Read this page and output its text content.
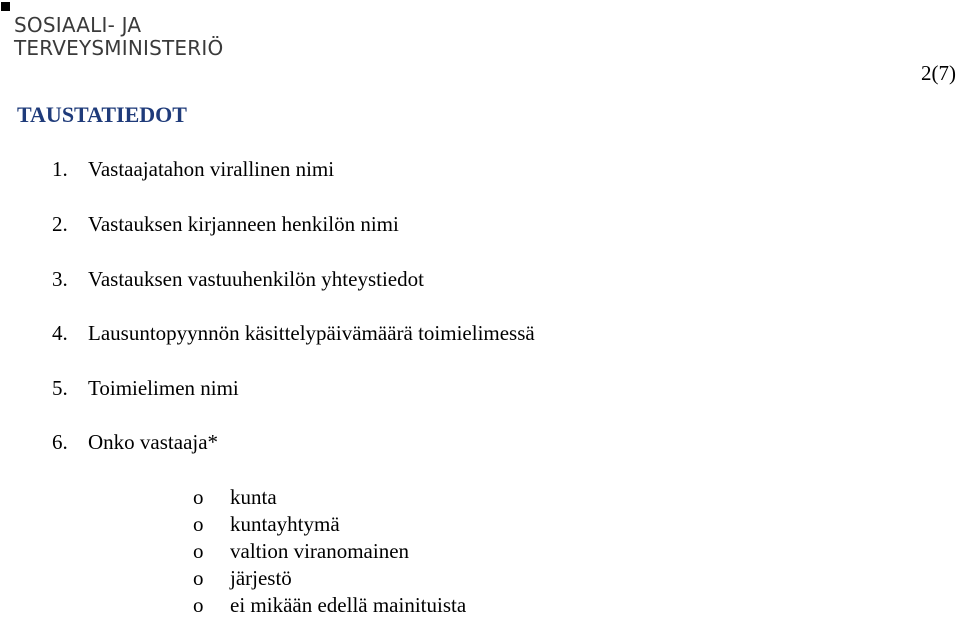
SOSIAALI- JA
TERVEYSMINISTERIÖ
2(7)
TAUSTATIEDOT
1. Vastaajatahon virallinen nimi
2. Vastauksen kirjanneen henkilön nimi
3. Vastauksen vastuuhenkilön yhteystiedot
4. Lausuntopyynnön käsittelypäivämäärä toimielimessä
5. Toimielimen nimi
6. Onko vastaaja*
o kunta
o kuntayhtymä
o valtion viranomainen
o järjestö
o ei mikään edellä mainituista
